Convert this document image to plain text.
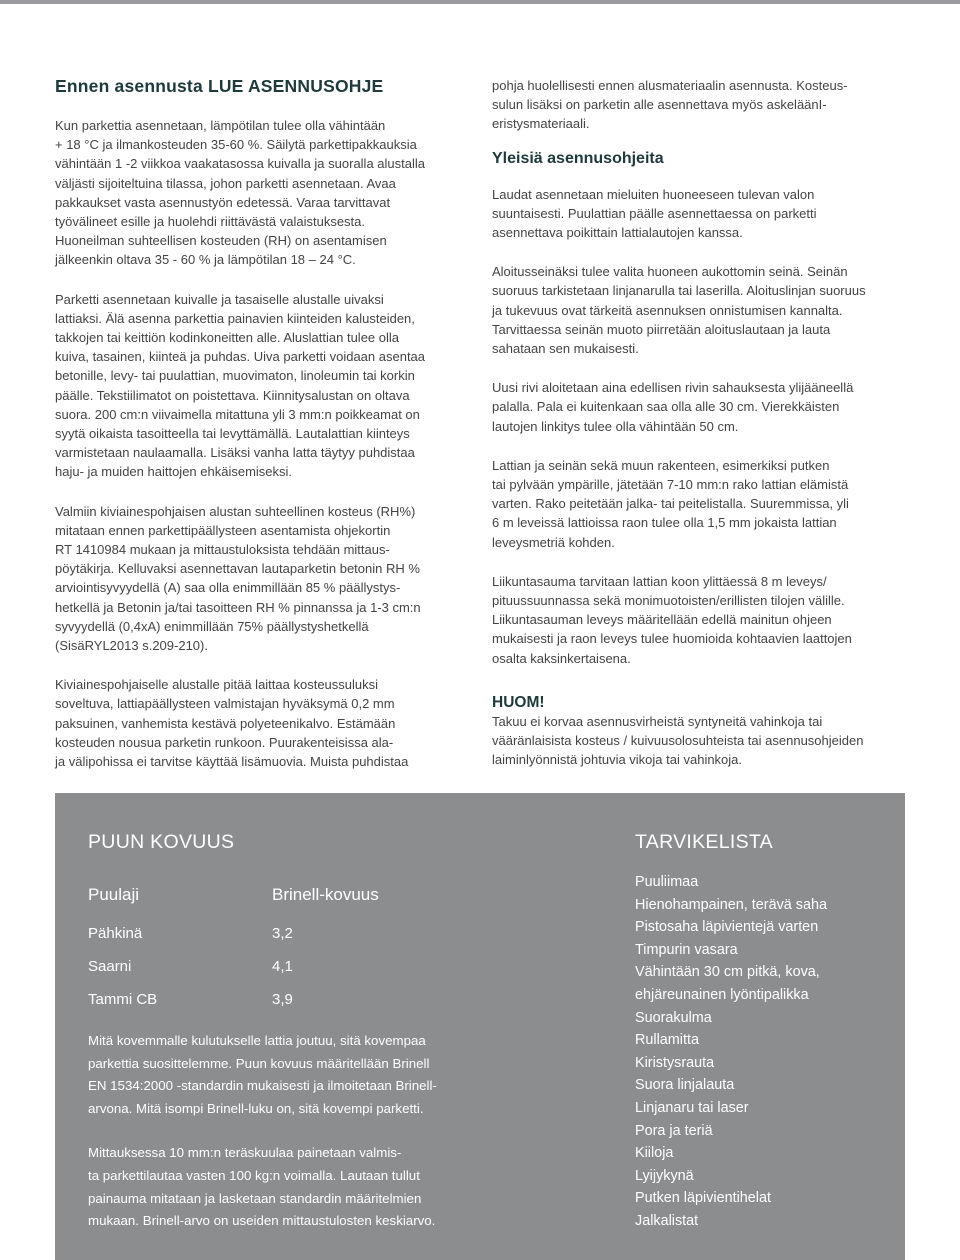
Ennen asennusta LUE ASENNUSOHJE

Kun parkettia asennetaan, lämpötilan tulee olla vähintään
+ 18 °C ja ilmankosteuden 35-60 %. Säilytä parkettipakkauksia
vähintään 1 -2 viikkoa vaakatasossa kuivalla ja suoralla alustalla
väljästi sijoiteltuina tilassa, johon parketti asennetaan. Avaa
pakkaukset vasta asennustyön edetessä. Varaa tarvittavat
työvälineet esille ja huolehdi riittävästä valaistuksesta.
Huoneilman suhteellisen kosteuden (RH) on asentamisen
jälkeenkin oltava 35 - 60 % ja lämpötilan 18 – 24 °C.

Parketti asennetaan kuivalle ja tasaiselle alustalle uivaksi
lattiaksi. Älä asenna parkettia painavien kiinteiden kalusteiden,
takkojen tai keittiön kodinkoneitten alle. Aluslattian tulee olla
kuiva, tasainen, kiinteä ja puhdas. Uiva parketti voidaan asentaa
betonille, levy- tai puulattian, muovimaton, linoleumin tai korkin
päälle. Tekstiilimatot on poistettava. Kiinnitysalustan on oltava
suora. 200 cm:n viivaimella mitattuna yli 3 mm:n poikkeamat on
syytä oikaista tasoitteella tai levyttämällä. Lautalattian kiinteys
varmistetaan naulaamalla. Lisäksi vanha latta täytyy puhdistaa
haju- ja muiden haittojen ehkäisemiseksi.

Valmiin kiviainespohjaisen alustan suhteellinen kosteus (RH%)
mitataan ennen parkettipäällysteen asentamista ohjekortin
RT 1410984 mukaan ja mittaustuloksista tehdään mittaus-
pöytäkirja. Kelluvaksi asennettavan lautaparketin betonin RH %
arviointisyvyydellä (A) saa olla enimmillään 85 % päällystys-
hetkellä ja Betonin ja/tai tasoitteen RH % pinnanssa ja 1-3 cm:n
syvyydellä (0,4xA) enimmillään 75% päällystyshetkellä
(SisäRYL2013 s.209-210).

Kiviainespohjaiselle alustalle pitää laittaa kosteussuluksi
soveltuva, lattiapäällysteen valmistajan hyväksymä 0,2 mm
paksuinen, vanhemista kestävä polyeteenikalvo. Estämään
kosteuden nousua parketin runkoon. Puurakenteisissa ala-
ja välipohissa ei tarvitse käyttää lisämuovia. Muista puhdistaa

pohja huolellisesti ennen alusmateriaalin asennusta. Kosteus-
sulun lisäksi on parketin alle asennettava myös askeläänI-
eristysmateriaali.

Yleisiä asennusohjeita

Laudat asennetaan mieluiten huoneeseen tulevan valon
suuntaisesti. Puulattian päälle asennettaessa on parketti
asennettava poikittain lattialautojen kanssa.

Aloitusseinäksi tulee valita huoneen aukottomin seinä. Seinän
suoruus tarkistetaan linjanarulla tai laserilla. Aloituslinjan suoruus
ja tukevuus ovat tärkeitä asennuksen onnistumisen kannalta.
Tarvittaessa seinän muoto piirretään aloituslautaan ja lauta
sahataan sen mukaisesti.

Uusi rivi aloitetaan aina edellisen rivin sahauksesta ylijääneellä
palalla. Pala ei kuitenkaan saa olla alle 30 cm. Vierekkäisten
lautojen linkitys tulee olla vähintään 50 cm.

Lattian ja seinän sekä muun rakenteen, esimerkiksi putken
tai pylvään ympärille, jätetään 7-10 mm:n rako lattian elämistä
varten. Rako peitetään jalka- tai peitelistalla. Suuremmissa, yli
6 m leveissä lattioissa raon tulee olla 1,5 mm jokaista lattian
leveysmetriä kohden.

Liikuntasauma tarvitaan lattian koon ylittäessä 8 m leveys/
pituussuunnassa sekä monimuotoisten/erillisten tilojen välille.
Liikuntasauman leveys määritellään edellä mainitun ohjeen
mukaisesti ja raon leveys tulee huomioida kohtaavien laattojen
osalta kaksinkertaisena.

HUOM!

Takuu ei korvaa asennusvirheistä syntyneitä vahinkoja tai
vääränlaisista kosteus / kuivuusolosuhteista tai asennusohjeiden
laiminlyönnistä johtuvia vikoja tai vahinkoja.

PUUN KOVUUS
Puulaji	Brinell-kovuus
Pähkinä	3,2
Saarni	4,1
Tammi CB	3,9

Mitä kovemmalle kulutukselle lattia joutuu, sitä kovempaa
parkettia suosittelemme. Puun kovuus määritellään Brinell
EN 1534:2000 -standardin mukaisesti ja ilmoitetaan Brinell-
arvona. Mitä isompi Brinell-luku on, sitä kovempi parketti.

Mittauksessa 10 mm:n teräskuulaa painetaan valmis-
ta parkettilautaa vasten 100 kg:n voimalla. Lautaan tullut
painauma mitataan ja lasketaan standardin määritelmien
mukaan. Brinell-arvo on useiden mittaustulosten keskiarvo.

TARVIKELISTA
Puuliimaa
Hienohampainen, terävä saha
Pistosaha läpivientejä varten
Timpurin vasara
Vähintään 30 cm pitkä, kova,
ehjäreunainen lyöntipalikka
Suorakulma
Rullamitta
Kiristysrauta
Suora linjalauta
Linjanaru tai laser
Pora ja teriä
Kiiloja
Lyijykynä
Putken läpivientihelat
Jalkalistat
